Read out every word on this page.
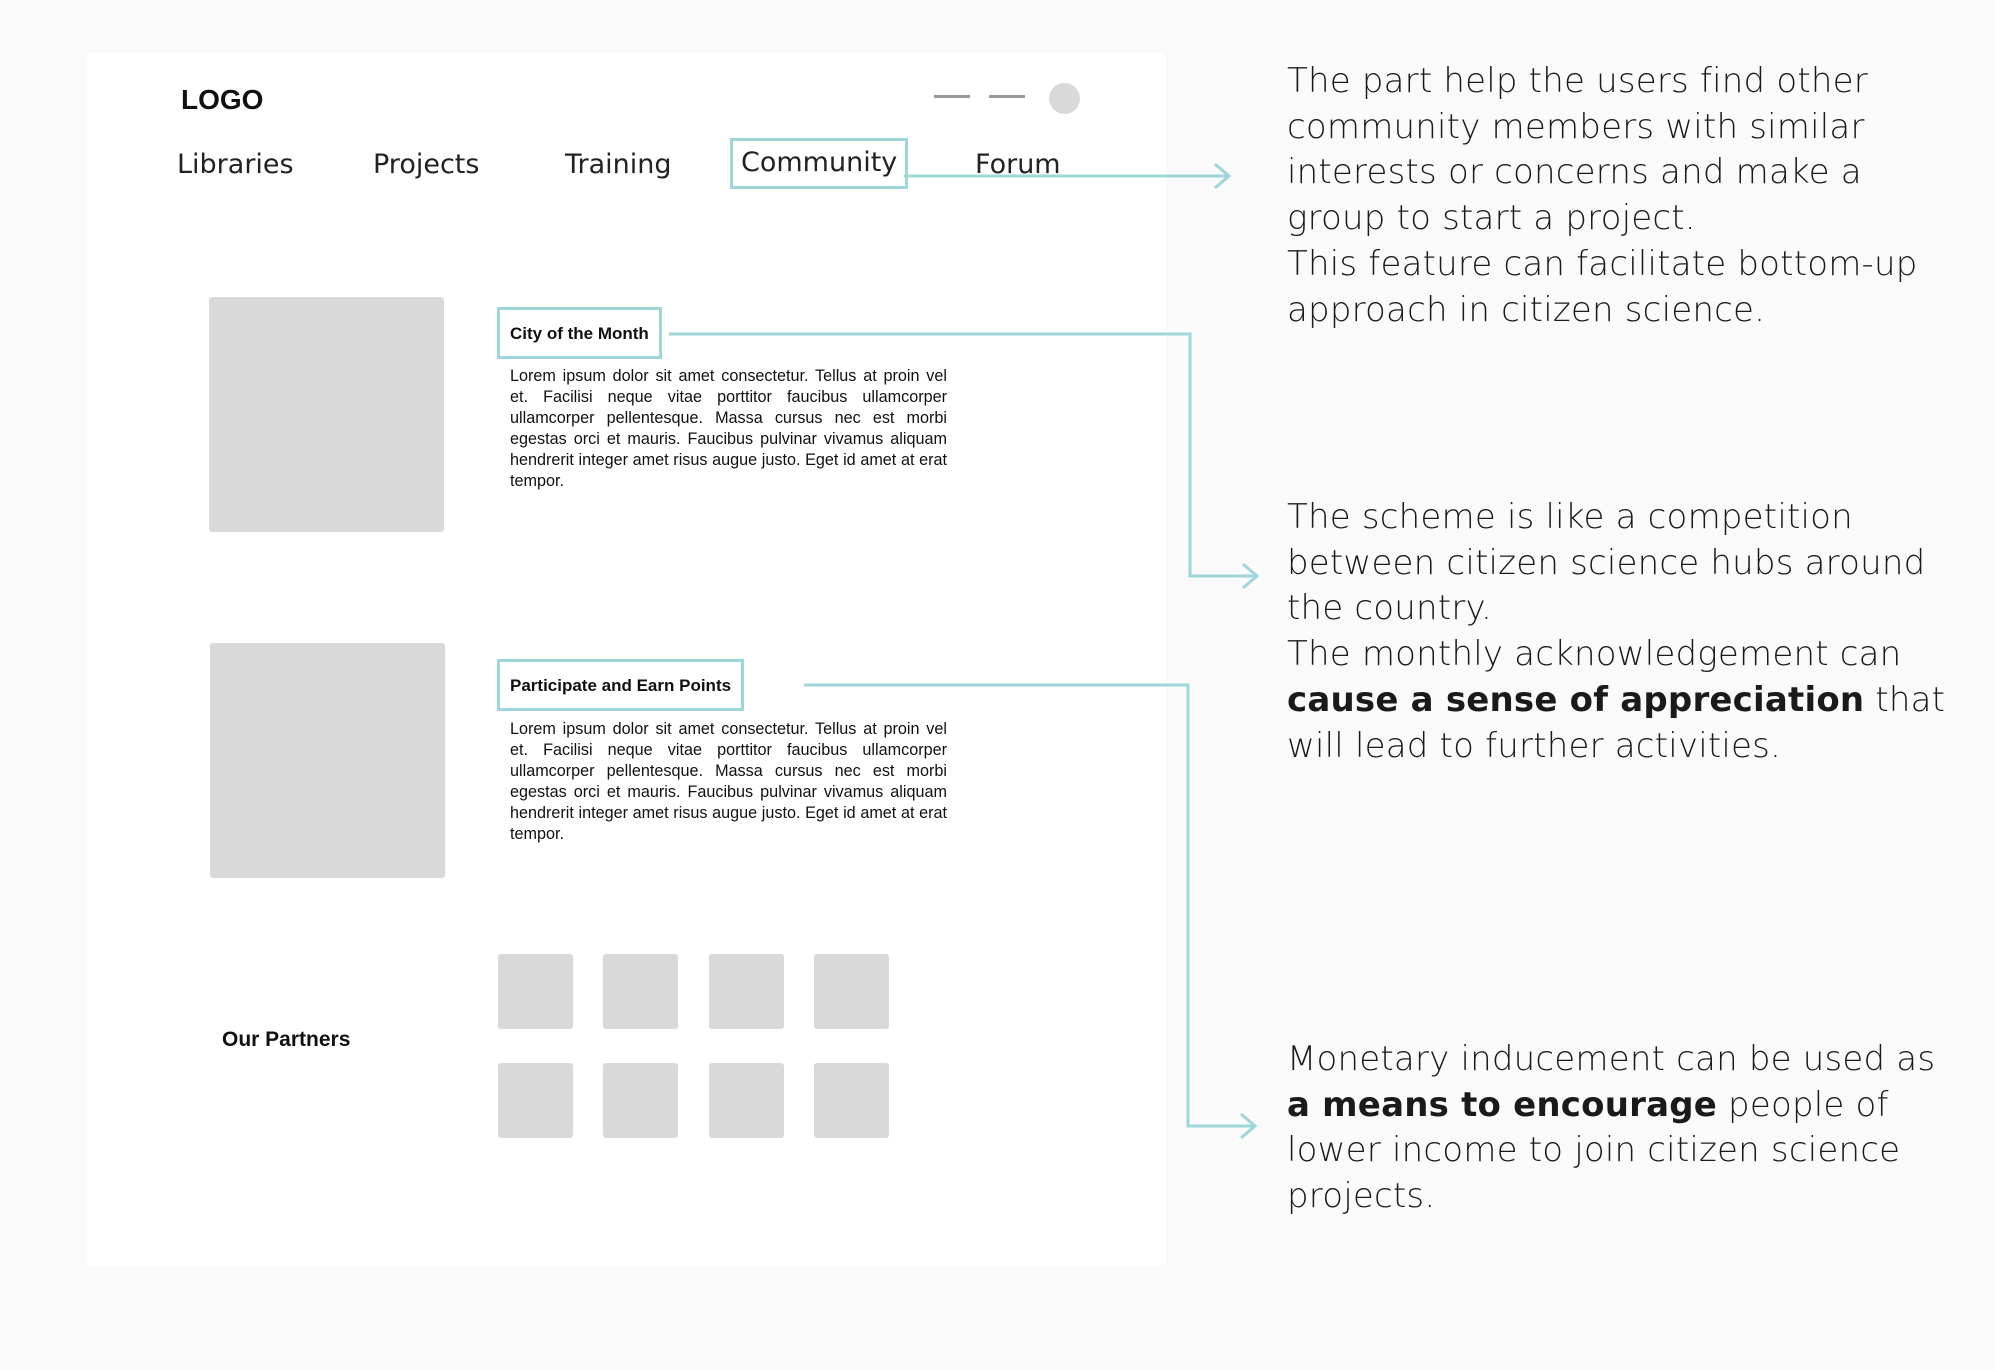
LOGO
Libraries	Projects	Training	Community	Forum
City of the Month
Lorem ipsum dolor sit amet consectetur. Tellus at proin vel et. Facilisi neque vitae porttitor faucibus ullamcorper ullamcorper pellentesque. Massa cursus nec est morbi egestas orci et mauris. Faucibus pulvinar vivamus aliquam hendrerit integer amet risus augue justo. Eget id amet at erat tempor.
Participate and Earn Points
Lorem ipsum dolor sit amet consectetur. Tellus at proin vel et. Facilisi neque vitae porttitor faucibus ullamcorper ullamcorper pellentesque. Massa cursus nec est morbi egestas orci et mauris. Faucibus pulvinar vivamus aliquam hendrerit integer amet risus augue justo. Eget id amet at erat tempor.
Our Partners
The part help the users find other community members with similar interests or concerns and make a group to start a project.
This feature can facilitate bottom-up approach in citizen science.
The scheme is like a competition between citizen science hubs around the country.
The monthly acknowledgement can cause a sense of appreciation that will lead to further activities.
Monetary inducement can be used as a means to encourage people of lower income to join citizen science projects.
